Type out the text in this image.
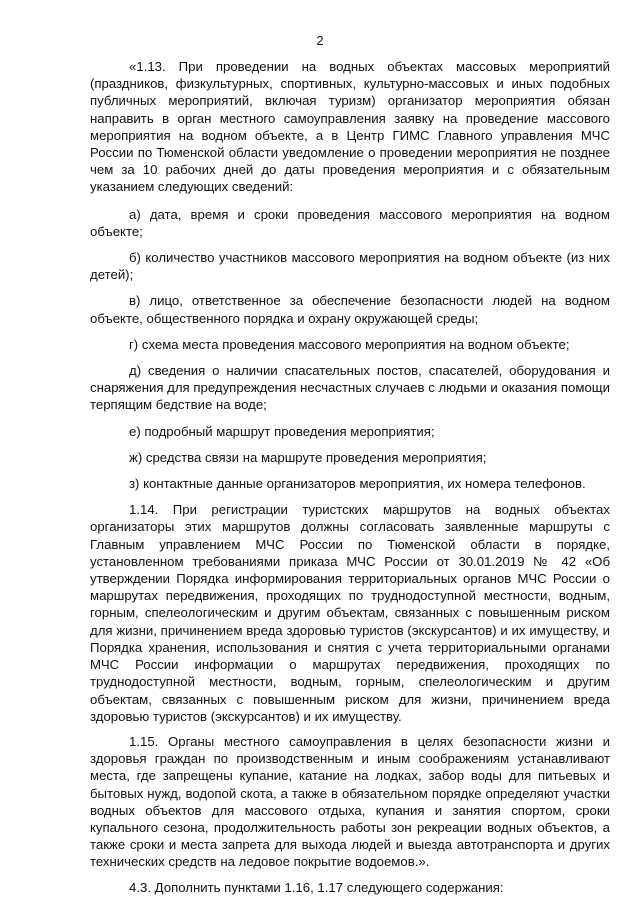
2

«1.13. При проведении на водных объектах массовых мероприятий (праздников, физкультурных, спортивных, культурно-массовых и иных подобных публичных мероприятий, включая туризм) организатор мероприятия обязан направить в орган местного самоуправления заявку на проведение массового мероприятия на водном объекте, а в Центр ГИМС Главного управления МЧС России по Тюменской области уведомление о проведении мероприятия не позднее чем за 10 рабочих дней до даты проведения мероприятия и с обязательным указанием следующих сведений:

а) дата, время и сроки проведения массового мероприятия на водном объекте;

б) количество участников массового мероприятия на водном объекте (из них детей);

в) лицо, ответственное за обеспечение безопасности людей на водном объекте, общественного порядка и охрану окружающей среды;

г) схема места проведения массового мероприятия на водном объекте;

д) сведения о наличии спасательных постов, спасателей, оборудования и снаряжения для предупреждения несчастных случаев с людьми и оказания помощи терпящим бедствие на воде;

е) подробный маршрут проведения мероприятия;

ж) средства связи на маршруте проведения мероприятия;

з) контактные данные организаторов мероприятия, их номера телефонов.

1.14. При регистрации туристских маршрутов на водных объектах организаторы этих маршрутов должны согласовать заявленные маршруты с Главным управлением МЧС России по Тюменской области в порядке, установленном требованиями приказа МЧС России от 30.01.2019 № 42 «Об утверждении Порядка информирования территориальных органов МЧС России о маршрутах передвижения, проходящих по труднодоступной местности, водным, горным, спелеологическим и другим объектам, связанных с повышенным риском для жизни, причинением вреда здоровью туристов (экскурсантов) и их имуществу, и Порядка хранения, использования и снятия с учета территориальными органами МЧС России информации о маршрутах передвижения, проходящих по труднодоступной местности, водным, горным, спелеологическим и другим объектам, связанных с повышенным риском для жизни, причинением вреда здоровью туристов (экскурсантов) и их имуществу.

1.15. Органы местного самоуправления в целях безопасности жизни и здоровья граждан по производственным и иным соображениям устанавливают места, где запрещены купание, катание на лодках, забор воды для питьевых и бытовых нужд, водопой скота, а также в обязательном порядке определяют участки водных объектов для массового отдыха, купания и занятия спортом, сроки купального сезона, продолжительность работы зон рекреации водных объектов, а также сроки и места запрета для выхода людей и выезда автотранспорта и других технических средств на ледовое покрытие водоемов.».

4.3. Дополнить пунктами 1.16, 1.17 следующего содержания:
